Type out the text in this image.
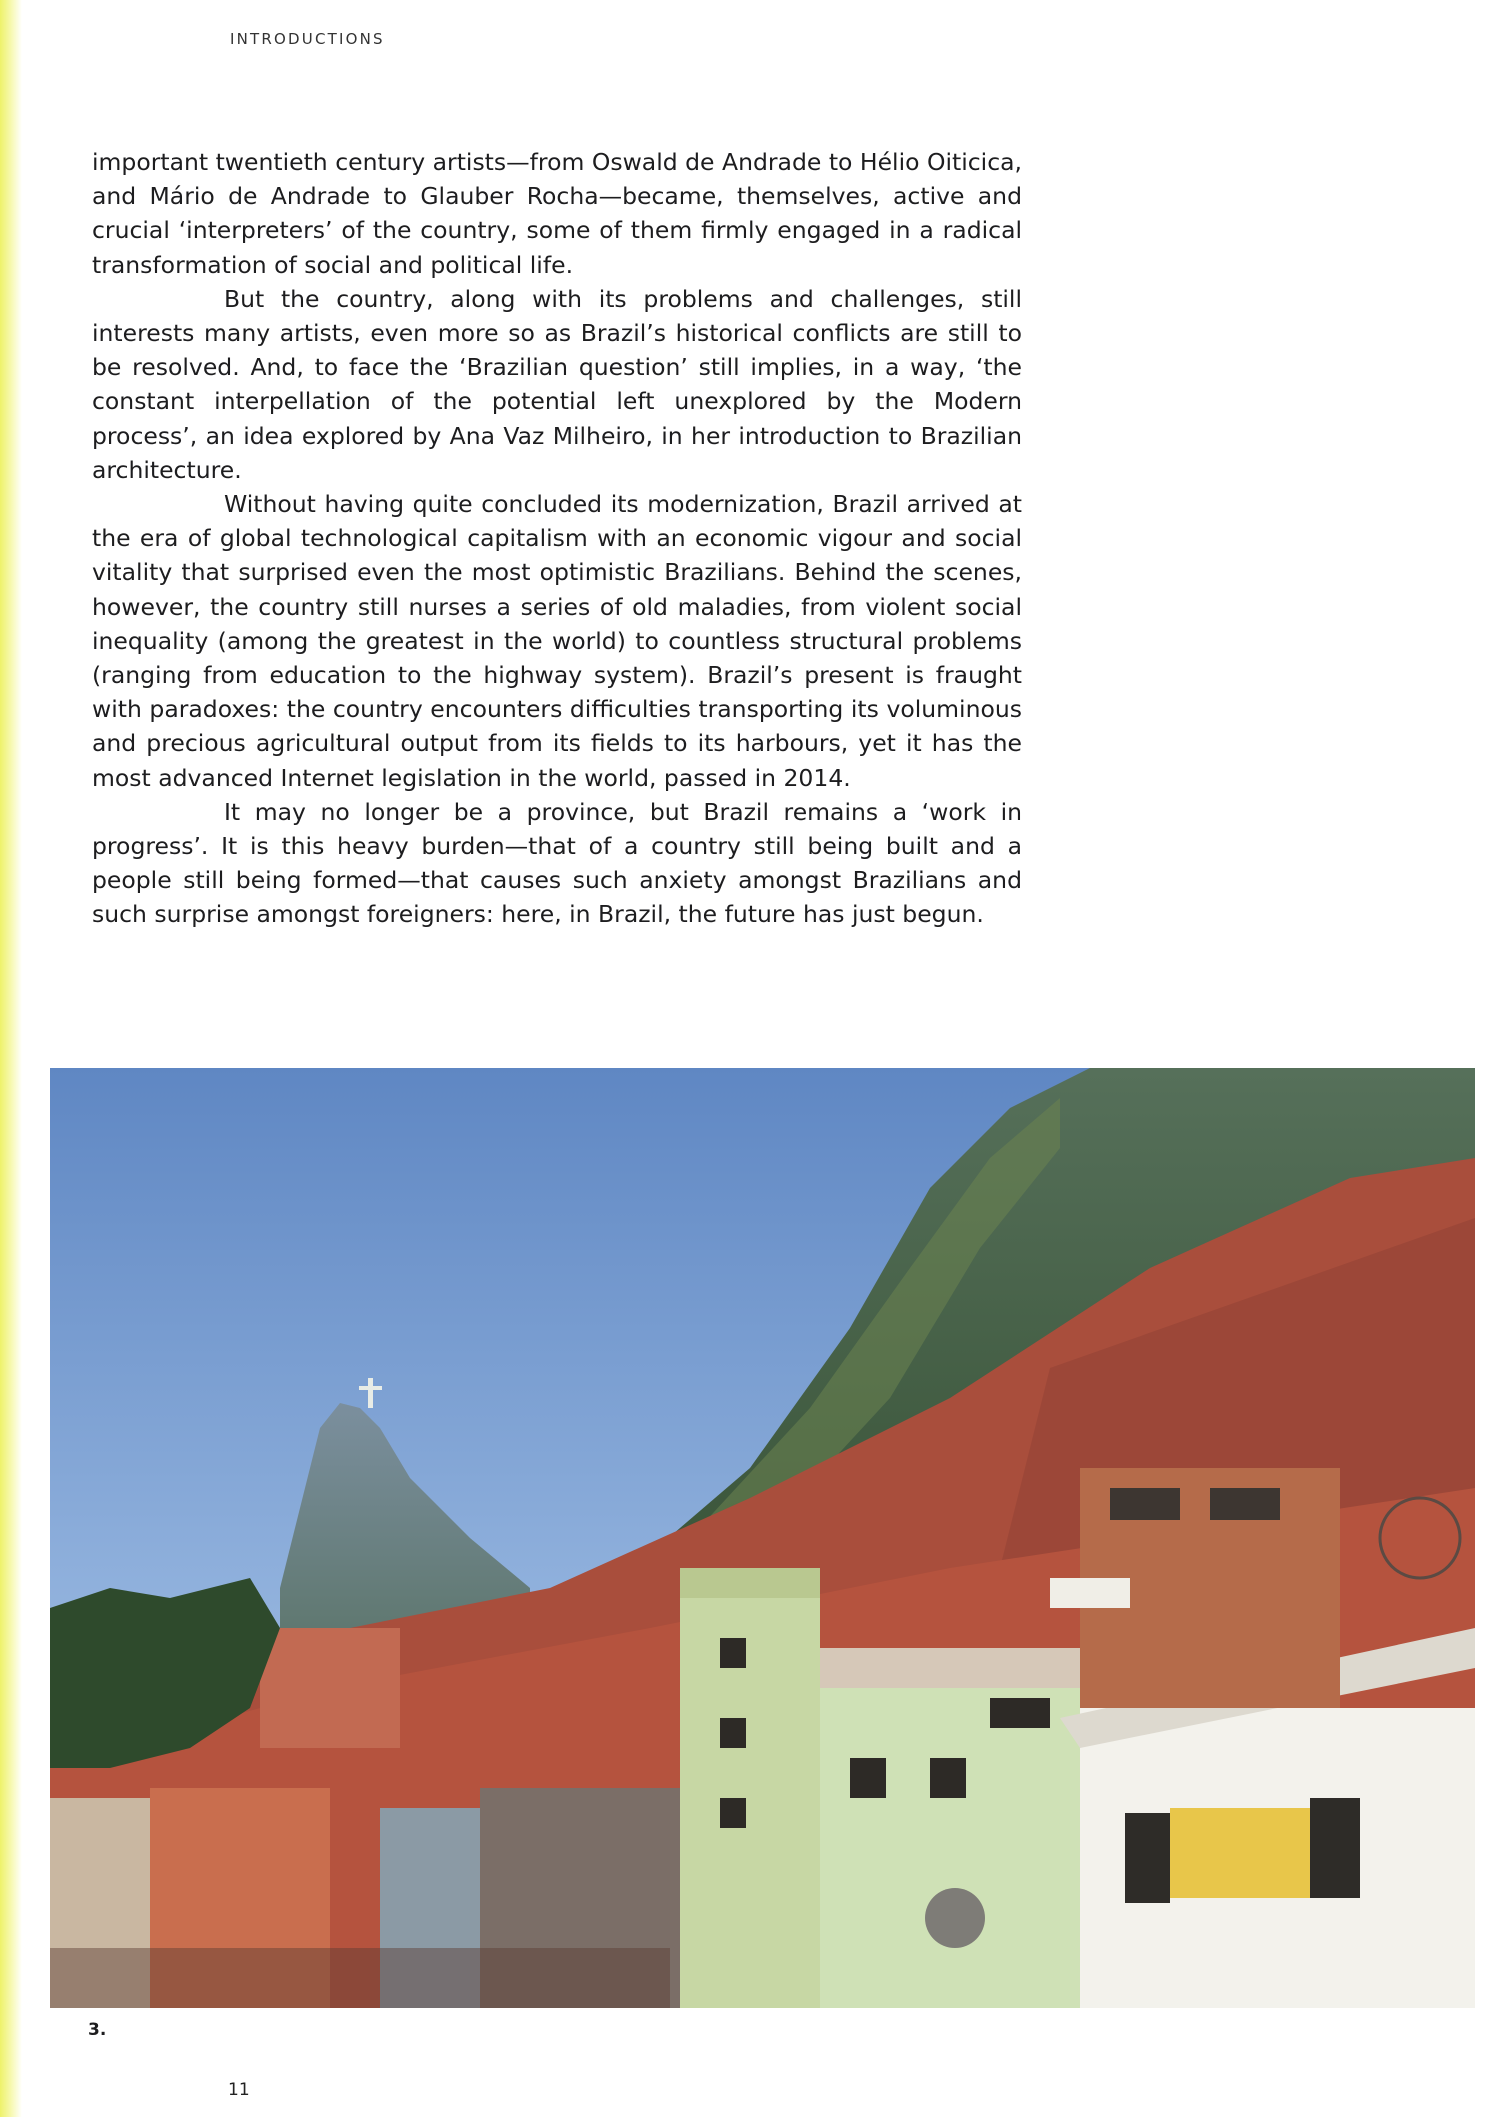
INTRODUCTIONS

important twentieth century artists—from Oswald de Andrade to Hélio Oiticica, and Mário de Andrade to Glauber Rocha—became, themselves, active and crucial ‘interpreters’ of the country, some of them firmly engaged in a radical transformation of social and political life.

But the country, along with its problems and challenges, still interests many artists, even more so as Brazil’s historical conflicts are still to be resolved. And, to face the ‘Brazilian question’ still implies, in a way, ‘the constant interpellation of the potential left unexplored by the Modern process’, an idea explored by Ana Vaz Milheiro, in her introduction to Brazilian architecture.

Without having quite concluded its modernization, Brazil arrived at the era of global technological capitalism with an economic vigour and social vitality that surprised even the most optimistic Brazilians. Behind the scenes, however, the country still nurses a series of old maladies, from violent social inequality (among the greatest in the world) to countless structural problems (ranging from education to the highway system). Brazil’s present is fraught with paradoxes: the country encounters difficulties transporting its voluminous and precious agricultural output from its fields to its harbours, yet it has the most advanced Internet legislation in the world, passed in 2014.

It may no longer be a province, but Brazil remains a ‘work in progress’. It is this heavy burden—that of a country still being built and a people still being formed—that causes such anxiety amongst Brazilians and such surprise amongst foreigners: here, in Brazil, the future has just begun.

3.
11
